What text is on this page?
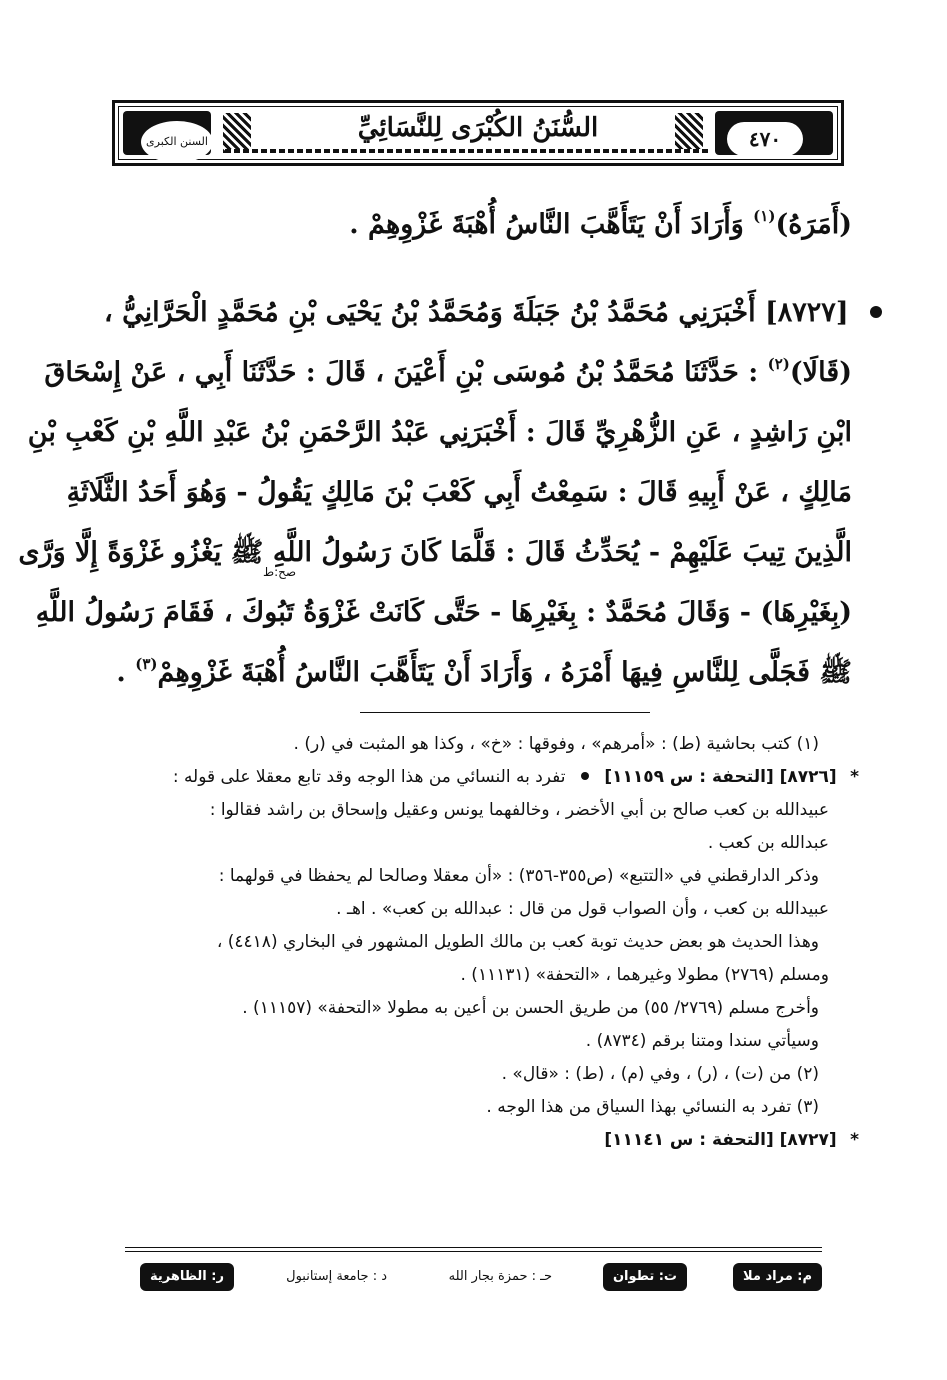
السنن الكبرى	٤٧٠
السُّنَنُ الكُبْرَى لِلنَّسَائِيِّ
(أَمَرَهُ)$^{(١)}$ وَأَرَادَ أَنْ يَتَأَهَّبَ النَّاسُ أُهْبَةَ غَزْوِهِمْ .
[٨٧٢٧] أَخْبَرَنِي مُحَمَّدُ بْنُ جَبَلَةَ وَمُحَمَّدُ بْنُ يَحْيَى بْنِ مُحَمَّدٍ الْحَرَّانِيُّ ،
(قَالَا)$^{(٢)}$ : حَدَّثَنَا مُحَمَّدُ بْنُ مُوسَى بْنِ أَعْيَنَ ، قَالَ : حَدَّثَنَا أَبِي ، عَنْ إِسْحَاقَ
ابْنِ رَاشِدٍ ، عَنِ الزُّهْرِيِّ قَالَ : أَخْبَرَنِي عَبْدُ الرَّحْمَنِ بْنُ عَبْدِ اللَّهِ بْنِ كَعْبِ بْنِ
مَالِكٍ ، عَنْ أَبِيهِ قَالَ : سَمِعْتُ أَبِي كَعْبَ بْنَ مَالِكٍ يَقُولُ - وَهُوَ أَحَدُ الثَّلَاثَةِ
الَّذِينَ تِيبَ عَلَيْهِمْ - يُحَدِّثُ قَالَ : قَلَّمَا كَانَ رَسُولُ اللَّهِ ﷺ يَغْزُو غَزْوَةً إِلَّا وَرَّى
(بِغَيْرِهَا) - وَقَالَ مُحَمَّدٌ : بِغَيْرِهَا - حَتَّى كَانَتْ غَزْوَةُ تَبُوكَ ، فَقَامَ رَسُولُ اللَّهِ
ﷺ فَجَلَّى لِلنَّاسِ فِيهَا أَمْرَهُ ، وَأَرَادَ أَنْ يَتَأَهَّبَ النَّاسُ أُهْبَةَ غَزْوِهِمْ$^{(٣)}$ .
صح:ط
(١) كتب بحاشية (ط) : «أمرهم» ، وفوقها : «خ» ، وكذا هو المثبت في (ر) .
* [٨٧٢٦] [التحفة : س ١١١٥٩]  تفرد به النسائي من هذا الوجه وقد تابع معقلا على قوله :
عبيدالله بن كعب صالح بن أبي الأخضر ، وخالفهما يونس وعقيل وإسحاق بن راشد فقالوا :
عبدالله بن كعب .
وذكر الدارقطني في «التتبع» (ص٣٥٥-٣٥٦) : «أن معقلا وصالحا لم يحفظا في قولهما :
عبيدالله بن كعب ، وأن الصواب قول من قال : عبدالله بن كعب» . اهـ .
وهذا الحديث هو بعض حديث توبة كعب بن مالك الطويل المشهور في البخاري (٤٤١٨) ،
ومسلم (٢٧٦٩) مطولا وغيرهما ، «التحفة» (١١١٣١) .
وأخرج مسلم (٢٧٦٩/ ٥٥) من طريق الحسن بن أعين به مطولا «التحفة» (١١١٥٧) .
وسيأتي سندا ومتنا برقم (٨٧٣٤) .
(٢) من (ت) ، (ر) ، وفي (م) ، (ط) : «قال» .
(٣) تفرد به النسائي بهذا السياق من هذا الوجه .
* [٨٧٢٧] [التحفة : س ١١١٤١]
م: مراد ملا
ت: تطوان
حـ : حمزة بجار الله
د : جامعة إستانبول
ر: الظاهرية
